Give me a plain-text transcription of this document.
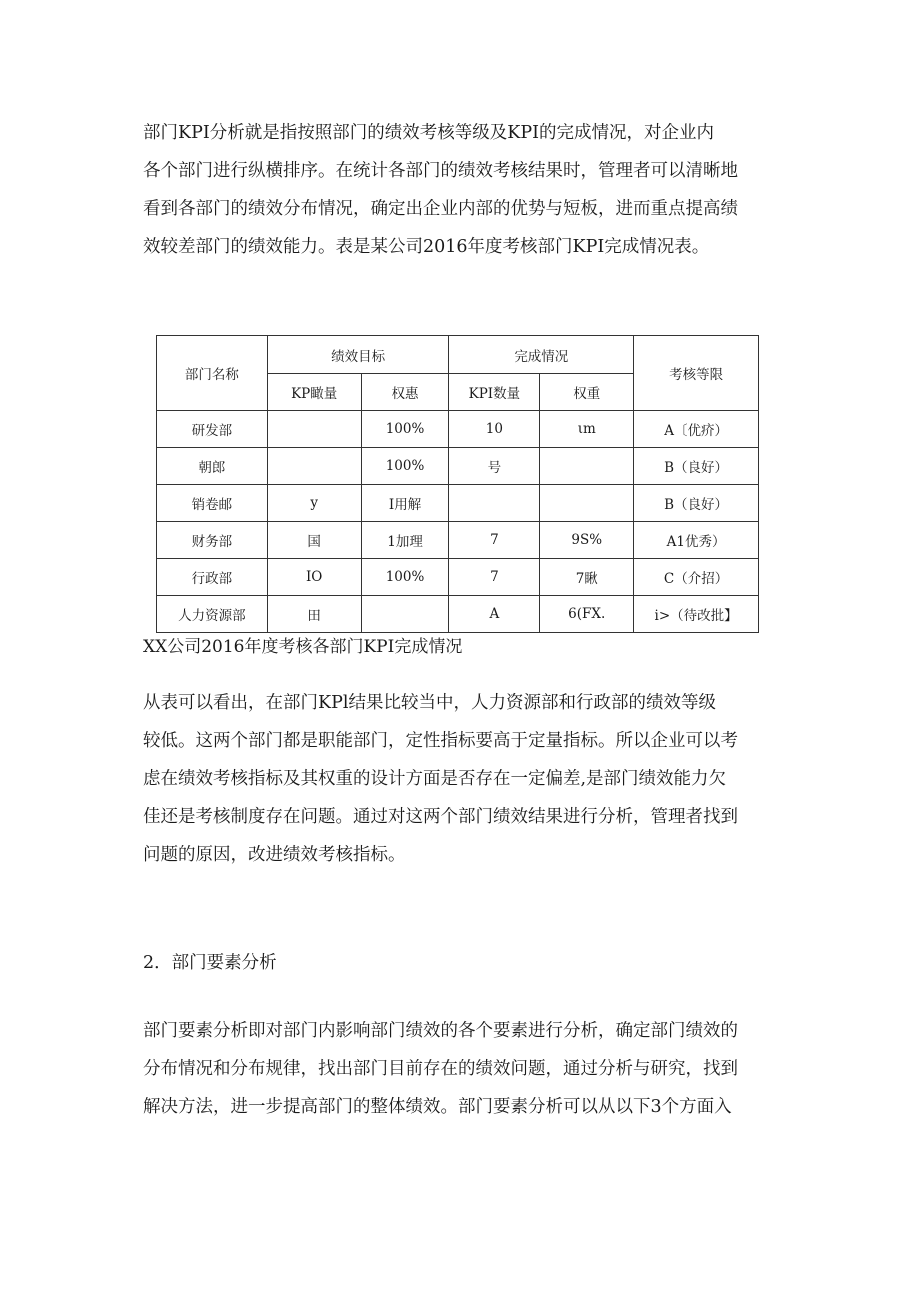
部门KPI分析就是指按照部门的绩效考核等级及KPI的完成情况，对企业内
各个部门进行纵横排序。在统计各部门的绩效考核结果时，管理者可以清晰地
看到各部门的绩效分布情况，确定出企业内部的优势与短板，进而重点提高绩
效较差部门的绩效能力。表是某公司2016年度考核部门KPI完成情况表。
部门名称	绩效目标		完成情况		考核等限
	KP瞰量	权惠	KPI数量	权重	
研发部		100%	10	ιm	A〔优疥）
朝郎		100%	号		B（良好）
销卷邮	y	I用解			B（良好）
财务部	国	1加理	7	9S%	A1优秀）
行政部	IO	100%	7	7瞅	C（介招）
人力资源部	田		A	6(FX.	i>（待改批】
XX公司2016年度考核各部门KPI完成情况
从表可以看出，在部门KPl结果比较当中，人力资源部和行政部的绩效等级
较低。这两个部门都是职能部门，定性指标要高于定量指标。所以企业可以考
虑在绩效考核指标及其权重的设计方面是否存在一定偏差,是部门绩效能力欠
佳还是考核制度存在问题。通过对这两个部门绩效结果进行分析，管理者找到
问题的原因，改进绩效考核指标。
2．部门要素分析
部门要素分析即对部门内影响部门绩效的各个要素进行分析，确定部门绩效的
分布情况和分布规律，找出部门目前存在的绩效问题，通过分析与研究，找到
解决方法，进一步提高部门的整体绩效。部门要素分析可以从以下3个方面入
